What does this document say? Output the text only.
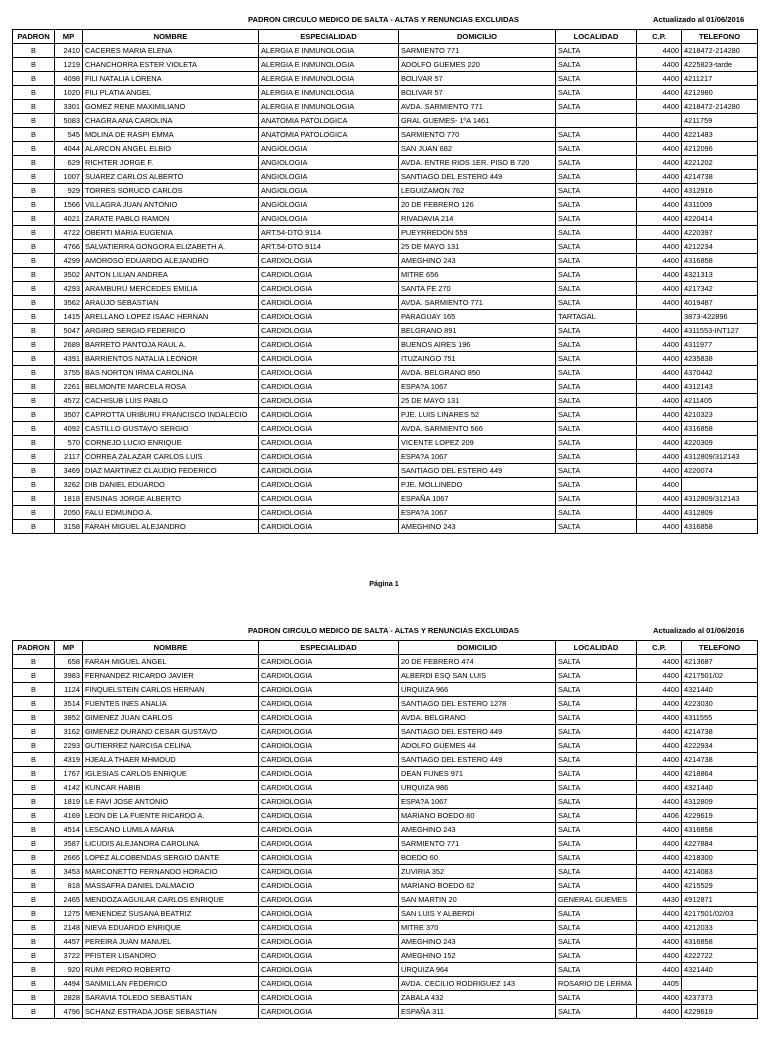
PADRON CIRCULO MEDICO DE SALTA - ALTAS Y RENUNCIAS EXCLUIDAS	Actualizado al 01/06/2016
PADRON	MP	NOMBRE	ESPECIALIDAD	DOMICILIO	LOCALIDAD	C.P.	TELEFONO
B	2410	CACERES MARIA ELENA	ALERGIA E INMUNOLOGIA	SARMIENTO 771	SALTA	4400	4218472-214280
B	1219	CHANCHORRA ESTER VIOLETA	ALERGIA E INMUNOLOGIA	ADOLFO GUEMES 220	SALTA	4400	4225823-tarde
B	4098	FILI NATALIA LORENA	ALERGIA E INMUNOLOGIA	BOLIVAR 57	SALTA	4400	4211217
B	1020	FILI PLATIA ANGEL	ALERGIA E INMUNOLOGIA	BOLIVAR 57	SALTA	4400	4212980
B	3301	GOMEZ RENE MAXIMILIANO	ALERGIA E INMUNOLOGIA	AVDA. SARMIENTO 771	SALTA	4400	4218472-214280
B	5083	CHAGRA ANA CAROLINA	ANATOMIA PATOLOGICA	GRAL GUEMES- 1ºA 1461			4211759
B	545	MOLINA DE RASPI EMMA	ANATOMIA PATOLOGICA	SARMIENTO 770	SALTA	4400	4221483
B	4044	ALARCON ANGEL ELBIO	ANGIOLOGIA	SAN JUAN 682	SALTA	4400	4212096
B	629	RICHTER JORGE F.	ANGIOLOGIA	AVDA. ENTRE RIOS 1ER. PISO B 720	SALTA	4400	4221202
B	1007	SUAREZ CARLOS ALBERTO	ANGIOLOGIA	SANTIAGO DEL ESTERO 449	SALTA	4400	4214738
B	929	TORRES SORUCO CARLOS	ANGIOLOGIA	LEGUIZAMON 762	SALTA	4400	4312916
B	1566	VILLAGRA JUAN ANTONIO	ANGIOLOGIA	20 DE FEBRERO 126	SALTA	4400	4311009
B	4021	ZARATE PABLO RAMON	ANGIOLOGIA	RIVADAVIA 214	SALTA	4400	4220414
B	4722	OBERTI MARIA EUGENIA	ART.54-DTO.9114	PUEYRREDON 559	SALTA	4400	4220397
B	4766	SALVATIERRA GONGORA ELIZABETH A.	ART.54-DTO.9114	25 DE MAYO 131	SALTA	4400	4212234
B	4299	AMOROSO EDUARDO ALEJANDRO	CARDIOLOGIA	AMEGHINO 243	SALTA	4400	4316858
B	3502	ANTON LILIAN ANDREA	CARDIOLOGIA	MITRE 656	SALTA	4400	4321313
B	4293	ARAMBURU MERCEDES EMILIA	CARDIOLOGIA	SANTA FE 270	SALTA	4400	4217342
B	3562	ARAUJO SEBASTIAN	CARDIOLOGIA	AVDA. SARMIENTO 771	SALTA	4400	4019487
B	1415	ARELLANO LOPEZ ISAAC HERNAN	CARDIOLOGIA	PARAGUAY 165	TARTAGAL		3873-422896
B	5047	ARGIRO SERGIO FEDERICO	CARDIOLOGIA	BELGRANO 891	SALTA	4400	4311553-INT127
B	2689	BARRETO PANTOJA RAUL A.	CARDIOLOGIA	BUENOS AIRES 196	SALTA	4400	4311977
B	4391	BARRIENTOS NATALIA LEONOR	CARDIOLOGIA	ITUZAINGO 751	SALTA	4400	4235838
B	3755	BAS NORTON IRMA CAROLINA	CARDIOLOGIA	AVDA. BELGRANO 850	SALTA	4400	4370442
B	2261	BELMONTE MARCELA ROSA	CARDIOLOGIA	ESPA?A 1067	SALTA	4400	4312143
B	4572	CACHISUB LUIS PABLO	CARDIOLOGIA	25 DE MAYO 131	SALTA	4400	4211405
B	3507	CAPROTTA URIBURU FRANCISCO INDALECIO	CARDIOLOGIA	PJE. LUIS LINARES 52	SALTA	4400	4210323
B	4092	CASTILLO GUSTAVO SERGIO	CARDIOLOGIA	AVDA. SARMIENTO 566	SALTA	4400	4316858
B	570	CORNEJO LUCIO ENRIQUE	CARDIOLOGIA	VICENTE LOPEZ 209	SALTA	4400	4220309
B	2117	CORREA ZALAZAR CARLOS LUIS	CARDIOLOGIA	ESPA?A 1067	SALTA	4400	4312809/312143
B	3469	DIAZ MARTINEZ CLAUDIO FEDERICO	CARDIOLOGIA	SANTIAGO DEL ESTERO 449	SALTA	4400	4220074
B	3262	DIB DANIEL EDUARDO	CARDIOLOGIA	PJE. MOLLINEDO	SALTA	4400	
B	1818	ENSINAS JORGE ALBERTO	CARDIOLOGIA	ESPAÑA 1067	SALTA	4400	4312809/312143
B	2050	FALU EDMUNDO A.	CARDIOLOGIA	ESPA?A 1067	SALTA	4400	4312809
B	3158	FARAH MIGUEL ALEJANDRO	CARDIOLOGIA	AMEGHINO 243	SALTA	4400	4316858
Página 1
PADRON CIRCULO MEDICO DE SALTA - ALTAS Y RENUNCIAS EXCLUIDAS	Actualizado al 01/06/2016
PADRON	MP	NOMBRE	ESPECIALIDAD	DOMICILIO	LOCALIDAD	C.P.	TELEFONO
B	658	FARAH MIGUEL ANGEL	CARDIOLOGIA	20 DE FEBRERO 474	SALTA	4400	4213687
B	3983	FERNANDEZ RICARDO JAVIER	CARDIOLOGIA	ALBERDI ESQ SAN LUIS	SALTA	4400	4217501/02
B	1124	FINQUELSTEIN CARLOS HERNAN	CARDIOLOGIA	URQUIZA 966	SALTA	4400	4321440
B	3514	FUENTES INES ANALIA	CARDIOLOGIA	SANTIAGO DEL ESTERO 1278	SALTA	4400	4223030
B	3852	GIMENEZ JUAN CARLOS	CARDIOLOGIA	AVDA. BELGRANO	SALTA	4400	4311555
B	3162	GIMENEZ DURAND CESAR GUSTAVO	CARDIOLOGIA	SANTIAGO DEL ESTERO 449	SALTA	4400	4214738
B	2293	GUTIERREZ NARCISA CELINA	CARDIOLOGIA	ADOLFO GUEMES 44	SALTA	4400	4222934
B	4319	HJEALA THAER MHMOUD	CARDIOLOGIA	SANTIAGO DEL ESTERO 449	SALTA	4400	4214738
B	1767	IGLESIAS CARLOS ENRIQUE	CARDIOLOGIA	DEAN FUNES 971	SALTA	4400	4218864
B	4142	KUNCAR HABIB	CARDIOLOGIA	URQUIZA 986	SALTA	4400	4321440
B	1819	LE FAVI JOSE ANTONIO	CARDIOLOGIA	ESPA?A 1067	SALTA	4400	4312809
B	4169	LEON DE LA FUENTE RICARDO A.	CARDIOLOGIA	MARIANO BOEDO 60	SALTA	4406	4229619
B	4514	LESCANO LUMILA MARIA	CARDIOLOGIA	AMEGHINO 243	SALTA	4400	4316858
B	3587	LICUDIS ALEJANDRA CAROLINA	CARDIOLOGIA	SARMIENTO 771	SALTA	4400	4227884
B	2665	LOPEZ ALCOBENDAS SERGIO DANTE	CARDIOLOGIA	BOEDO 60	SALTA	4400	4218300
B	3453	MARCONETTO FERNANDO HORACIO	CARDIOLOGIA	ZUVIRIA 352	SALTA	4400	4214083
B	818	MASSAFRA DANIEL DALMACIO	CARDIOLOGIA	MARIANO BOEDO 62	SALTA	4400	4215529
B	2465	MENDOZA AGUILAR CARLOS ENRIQUE	CARDIOLOGIA	SAN MARTIN 20	GENERAL GUEMES	4430	4912871
B	1275	MENENDEZ SUSANA BEATRIZ	CARDIOLOGIA	SAN LUIS Y ALBERDI	SALTA	4400	4217501/02/03
B	2148	NIEVA EDUARDO ENRIQUE	CARDIOLOGIA	MITRE 370	SALTA	4400	4212033
B	4457	PEREIRA JUAN MANUEL	CARDIOLOGIA	AMEGHINO 243	SALTA	4400	4316858
B	3722	PFISTER LISANDRO	CARDIOLOGIA	AMEGHINO 152	SALTA	4400	4222722
B	920	RUMI PEDRO ROBERTO	CARDIOLOGIA	URQUIZA 964	SALTA	4400	4321440
B	4494	SANMILLAN FEDERICO	CARDIOLOGIA	AVDA. CECILIO RODRIGUEZ 143	ROSARIO DE LERMA	4405	
B	2828	SARAVIA TOLEDO SEBASTIAN	CARDIOLOGIA	ZABALA 432	SALTA	4400	4237373
B	4796	SCHANZ ESTRADA JOSE SEBASTIAN	CARDIOLOGIA	ESPAÑA 311	SALTA	4400	4229619
